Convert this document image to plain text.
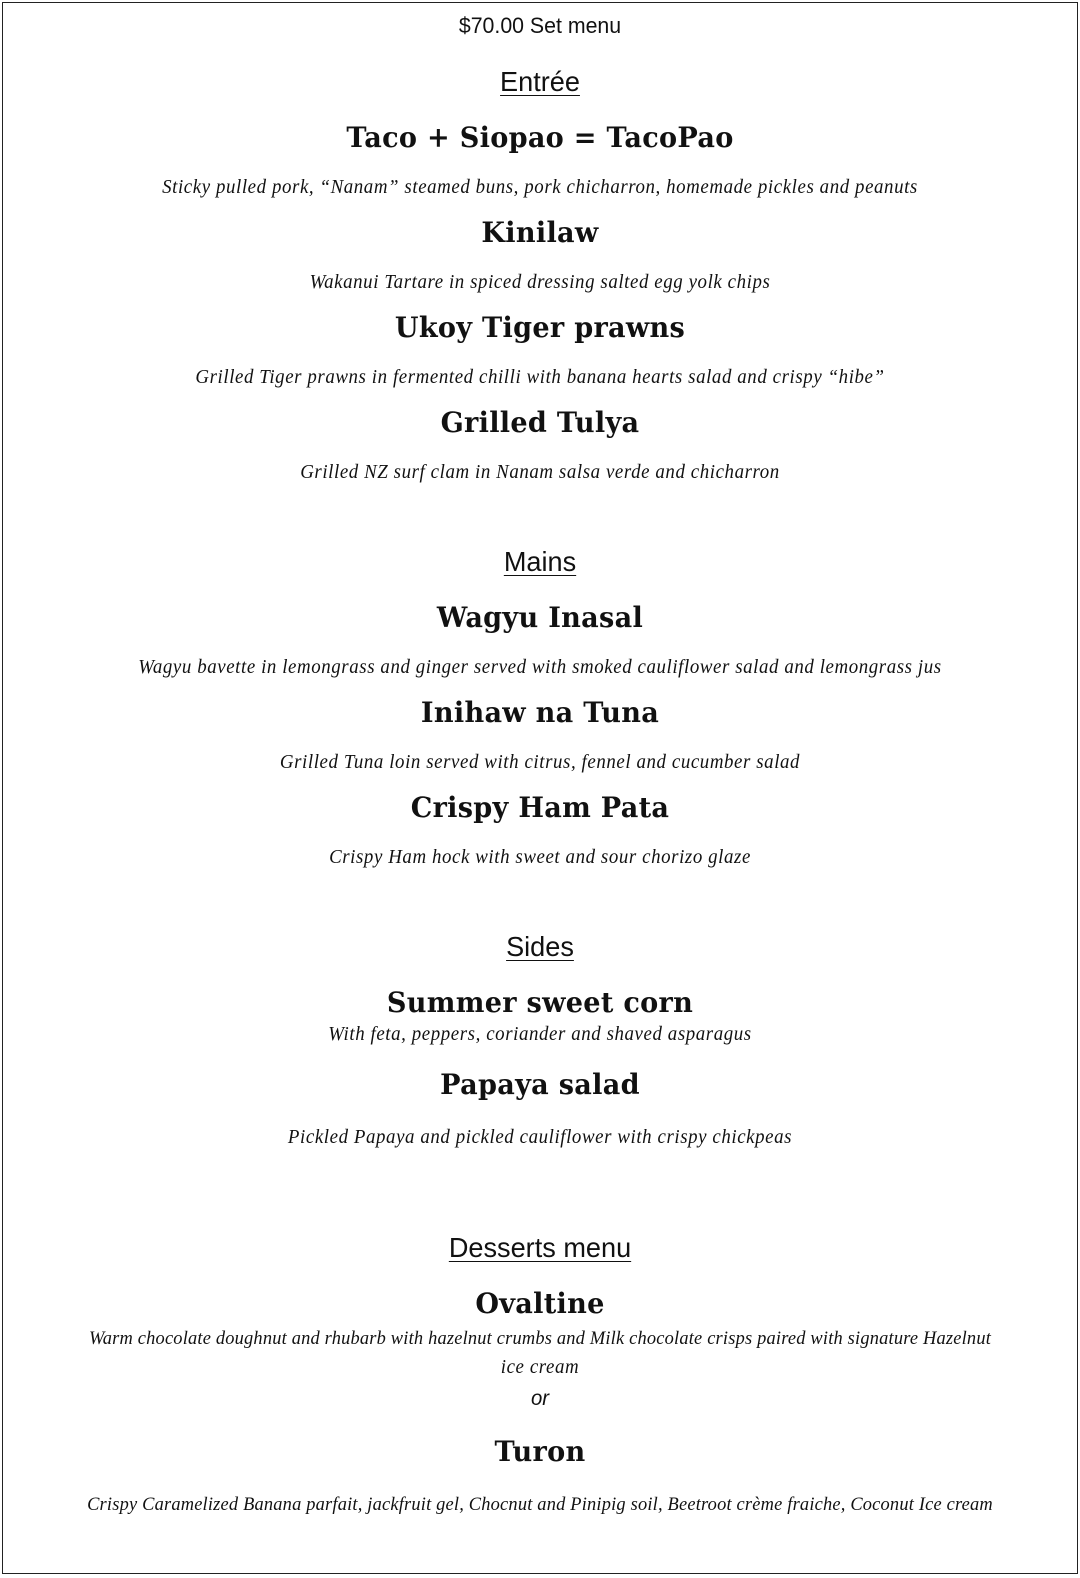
$70.00 Set menu
Entrée
Taco + Siopao = TacoPao
Sticky pulled pork, “Nanam” steamed buns, pork chicharron, homemade pickles and peanuts
Kinilaw
Wakanui Tartare in spiced dressing salted egg yolk chips
Ukoy Tiger prawns
Grilled Tiger prawns in fermented chilli with banana hearts salad and crispy “hibe”
Grilled Tulya
Grilled NZ surf clam in Nanam salsa verde and chicharron
Mains
Wagyu Inasal
Wagyu bavette in lemongrass and ginger served with smoked cauliflower salad and lemongrass jus
Inihaw na Tuna
Grilled Tuna loin served with citrus, fennel and cucumber salad
Crispy Ham Pata
Crispy Ham hock with sweet and sour chorizo glaze
Sides
Summer sweet corn
With feta, peppers, coriander and shaved asparagus
Papaya salad
Pickled Papaya and pickled cauliflower with crispy chickpeas
Desserts menu
Ovaltine
Warm chocolate doughnut and rhubarb with hazelnut crumbs and Milk chocolate crisps paired with signature Hazelnut
ice cream
or
Turon
Crispy Caramelized Banana parfait, jackfruit gel, Chocnut and Pinipig soil, Beetroot crème fraiche, Coconut Ice cream
